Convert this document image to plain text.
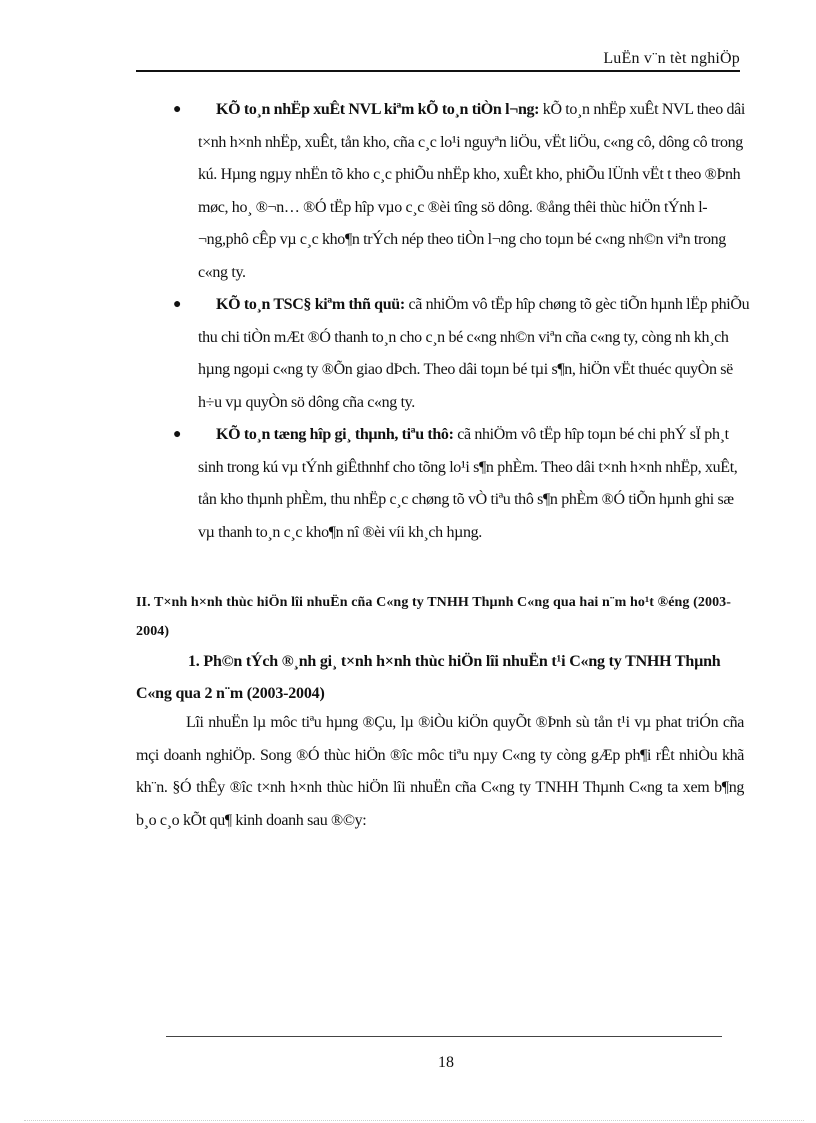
LuËn v¨n tèt nghiÖp
● KÕ to¸n nhËp xuÊt NVL kiªm kÕ to¸n tiÒn l¬ng: kÕ to¸n nhËp xuÊt NVL theo dâi t×nh h×nh nhËp, xuÊt, tån kho, cña c¸c lo¹i nguyªn liÖu, vËt liÖu, c«ng cô, dông cô trong kú. Hµng ngµy nhËn tõ kho c¸c phiÕu nhËp kho, xuÊt kho, phiÕu lÜnh vËt t theo ®Þnh møc, ho¸ ®¬n… ®Ó tËp hîp vµo c¸c ®èi tîng sö dông. ®ång thêi thùc hiÖn tÝnh l¬ng,phô cÊp vµ c¸c kho¶n trÝch nép theo tiÒn l¬ng cho toµn bé c«ng nh©n viªn trong c«ng ty.
● KÕ to¸n TSC§ kiªm thñ quü: cã nhiÖm vô tËp hîp chøng tõ gèc tiÕn hµnh lËp phiÕu thu chi tiÒn mÆt ®Ó thanh to¸n cho c¸n bé c«ng nh©n viªn cña c«ng ty, còng nh kh¸ch hµng ngoµi c«ng ty ®Õn giao dÞch. Theo dâi toµn bé tµi s¶n, hiÖn vËt thuéc quyÒn së h÷u vµ quyÒn sö dông cña c«ng ty.
● KÕ to¸n tæng hîp gi¸ thµnh, tiªu thô: cã nhiÖm vô tËp hîp toµn bé chi phÝ sÏ ph¸t sinh trong kú vµ tÝnh giÊthnhf cho tõng lo¹i s¶n phÈm. Theo dâi t×nh h×nh nhËp, xuÊt, tån kho thµnh phÈm, thu nhËp c¸c chøng tõ vÒ tiªu thô s¶n phÈm ®Ó tiÕn hµnh ghi sæ vµ thanh to¸n c¸c kho¶n nî ®èi víi kh¸ch hµng.
II. T×nh h×nh thùc hiÖn lîi nhuËn cña C«ng ty TNHH Thµnh C«ng qua hai n¨m ho¹t ®éng (2003-2004)
1. Ph©n tÝch ®¸nh gi¸ t×nh h×nh thùc hiÖn lîi nhuËn t¹i C«ng ty TNHH Thµnh C«ng qua 2 n¨m (2003-2004)
Lîi nhuËn lµ môc tiªu hµng ®Çu, lµ ®iÒu kiÖn quyÕt ®Þnh sù tån t¹i vµ phat triÓn cña mçi doanh nghiÖp. Song ®Ó thùc hiÖn ®îc môc tiªu nµy C«ng ty còng gÆp ph¶i rÊt nhiÒu khã kh¨n. §Ó thÊy ®îc t×nh h×nh thùc hiÖn lîi nhuËn cña C«ng ty TNHH Thµnh C«ng ta xem b¶ng b¸o c¸o kÕt qu¶ kinh doanh sau ®©y:
18
